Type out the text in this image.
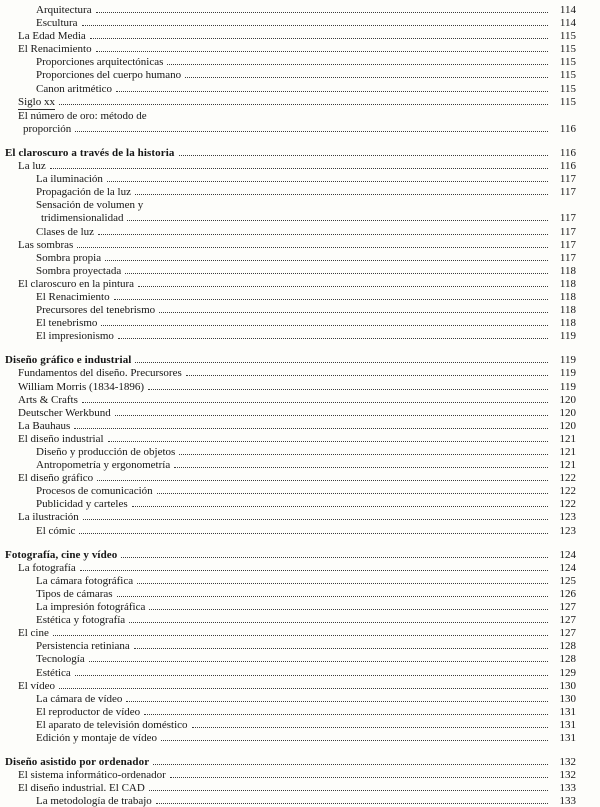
Arquitectura	114
Escultura	114
La Edad Media	115
El Renacimiento	115
Proporciones arquitectónicas	115
Proporciones del cuerpo humano	115
Canon aritmético	115
Siglo xx	115
El número de oro: método de
proporción	116
El claroscuro a través de la historia	116
La luz	116
La iluminación	117
Propagación de la luz	117
Sensación de volumen y
tridimensionalidad	117
Clases de luz	117
Las sombras	117
Sombra propia	117
Sombra proyectada	118
El claroscuro en la pintura	118
El Renacimiento	118
Precursores del tenebrismo	118
El tenebrismo	118
El impresionismo	119
Diseño gráfico e industrial	119
Fundamentos del diseño. Precursores	119
William Morris (1834-1896)	119
Arts & Crafts	120
Deutscher Werkbund	120
La Bauhaus	120
El diseño industrial	121
Diseño y producción de objetos	121
Antropometría y ergonometría	121
El diseño gráfico	122
Procesos de comunicación	122
Publicidad y carteles	122
La ilustración	123
El cómic	123
Fotografía, cine y vídeo	124
La fotografía	124
La cámara fotográfica	125
Tipos de cámaras	126
La impresión fotográfica	127
Estética y fotografía	127
El cine	127
Persistencia retiniana	128
Tecnología	128
Estética	129
El vídeo	130
La cámara de vídeo	130
El reproductor de vídeo	131
El aparato de televisión doméstico	131
Edición y montaje de vídeo	131
Diseño asistido por ordenador	132
El sistema informático-ordenador	132
El diseño industrial. El CAD	133
La metodología de trabajo	133
